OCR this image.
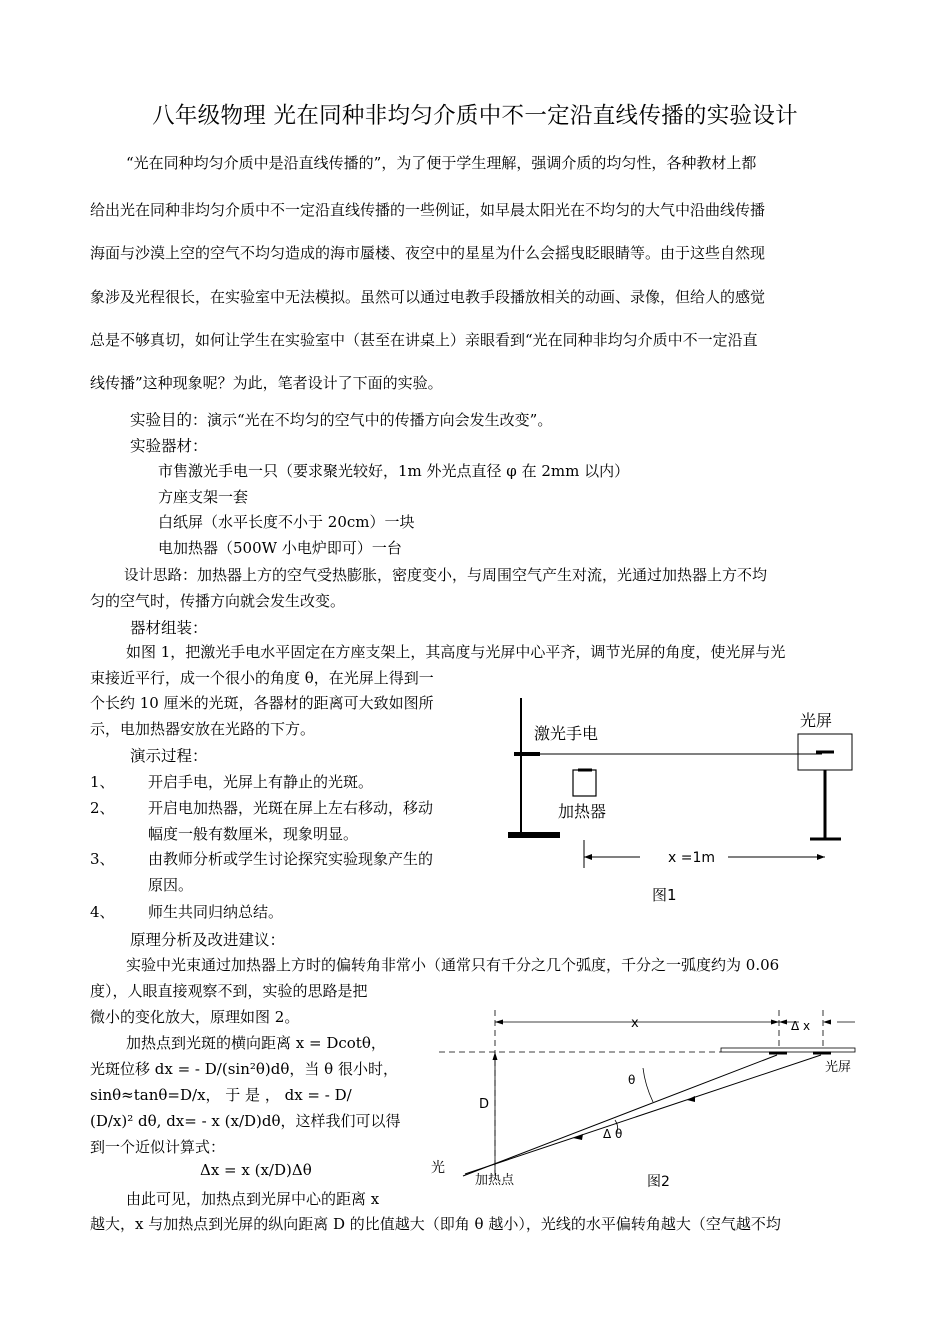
八年级物理 光在同种非均匀介质中不一定沿直线传播的实验设计
“光在同种均匀介质中是沿直线传播的”，为了便于学生理解，强调介质的均匀性，各种教材上都
给出光在同种非均匀介质中不一定沿直线传播的一些例证，如早晨太阳光在不均匀的大气中沿曲线传播
海面与沙漠上空的空气不均匀造成的海市蜃楼、夜空中的星星为什么会摇曳眨眼睛等。由于这些自然现
象涉及光程很长，在实验室中无法模拟。虽然可以通过电教手段播放相关的动画、录像，但给人的感觉
总是不够真切，如何让学生在实验室中（甚至在讲桌上）亲眼看到“光在同种非均匀介质中不一定沿直
线传播”这种现象呢？为此，笔者设计了下面的实验。
实验目的：演示“光在不均匀的空气中的传播方向会发生改变”。
实验器材：
市售激光手电一只（要求聚光较好，1m 外光点直径 φ 在 2mm 以内）
方座支架一套
白纸屏（水平长度不小于 20cm）一块
电加热器（500W 小电炉即可）一台
设计思路：加热器上方的空气受热膨胀，密度变小，与周围空气产生对流，光通过加热器上方不均
匀的空气时，传播方向就会发生改变。
器材组装：
如图 1，把激光手电水平固定在方座支架上，其高度与光屏中心平齐，调节光屏的角度，使光屏与光
束接近平行，成一个很小的角度 θ，在光屏上得到一
个长约 10 厘米的光斑，各器材的距离可大致如图所
示，电加热器安放在光路的下方。
演示过程：
1、 开启手电，光屏上有静止的光斑。
2、 开启电加热器，光斑在屏上左右移动，移动
幅度一般有数厘米，现象明显。
3、 由教师分析或学生讨论探究实验现象产生的
原因。
4、 师生共同归纳总结。
原理分析及改进建议：
实验中光束通过加热器上方时的偏转角非常小（通常只有千分之几个弧度，千分之一弧度约为 0.06
度），人眼直接观察不到，实验的思路是把
微小的变化放大，原理如图 2。
加热点到光斑的横向距离 x = Dcotθ，
光斑位移 dx = - D/(sin²θ)dθ，当 θ 很小时，
sinθ≈tanθ=D/x， 于 是 ， dx = - D/
(D/x)² dθ, dx= - x (x/D)dθ，这样我们可以得
到一个近似计算式：
Δx = x (x/D)Δθ
由此可见，加热点到光屏中心的距离 x
越大，x 与加热点到光屏的纵向距离 D 的比值越大（即角 θ 越小），光线的水平偏转角越大（空气越不均
激光手电
光屏
加热器
x =1m
图1
x	Δ x
D
θ
Δ θ
光
加热点
光屏
图2
